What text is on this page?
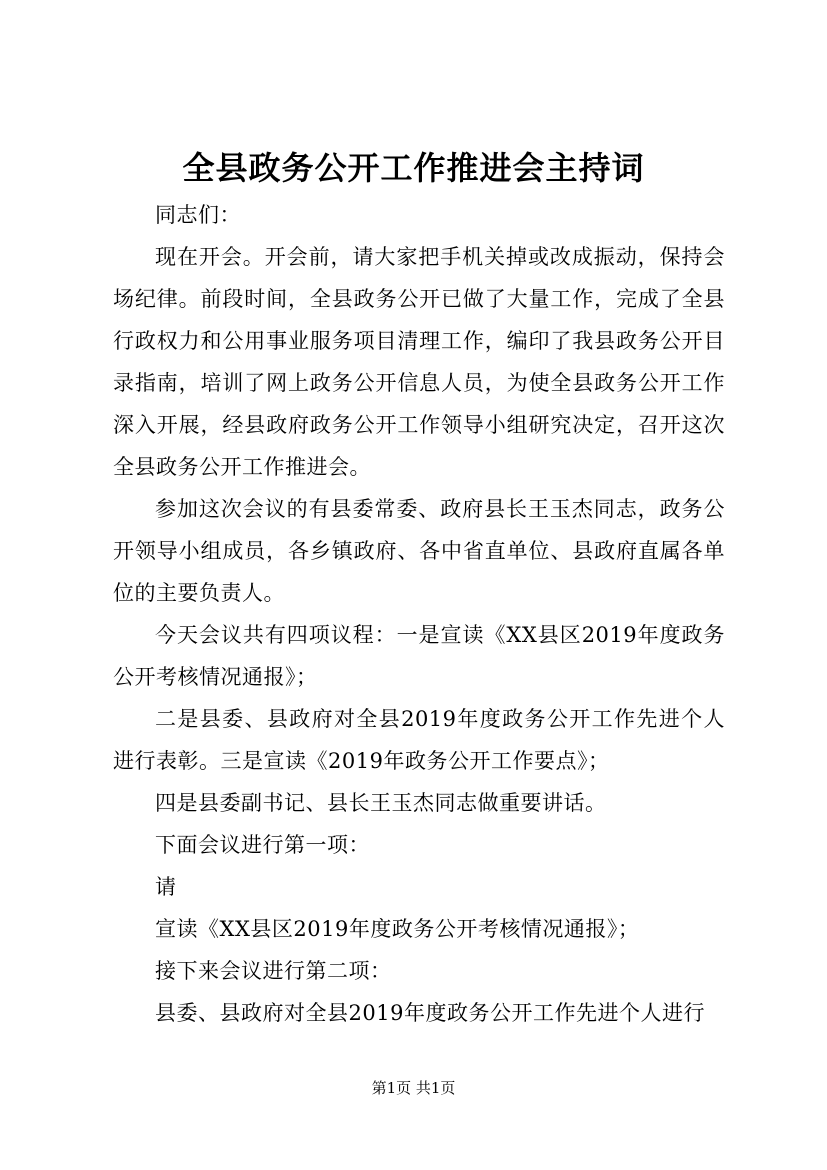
全县政务公开工作推进会主持词

同志们：

现在开会。开会前，请大家把手机关掉或改成振动，保持会场纪律。前段时间，全县政务公开已做了大量工作，完成了全县行政权力和公用事业服务项目清理工作，编印了我县政务公开目录指南，培训了网上政务公开信息人员，为使全县政务公开工作深入开展，经县政府政务公开工作领导小组研究决定，召开这次全县政务公开工作推进会。

参加这次会议的有县委常委、政府县长王玉杰同志，政务公开领导小组成员，各乡镇政府、各中省直单位、县政府直属各单位的主要负责人。

今天会议共有四项议程：一是宣读《XX县区2019年度政务公开考核情况通报》；

二是县委、县政府对全县2019年度政务公开工作先进个人进行表彰。三是宣读《2019年政务公开工作要点》；

四是县委副书记、县长王玉杰同志做重要讲话。

下面会议进行第一项：

请

宣读《XX县区2019年度政务公开考核情况通报》；

接下来会议进行第二项：

县委、县政府对全县2019年度政务公开工作先进个人进行

第1页 共1页
